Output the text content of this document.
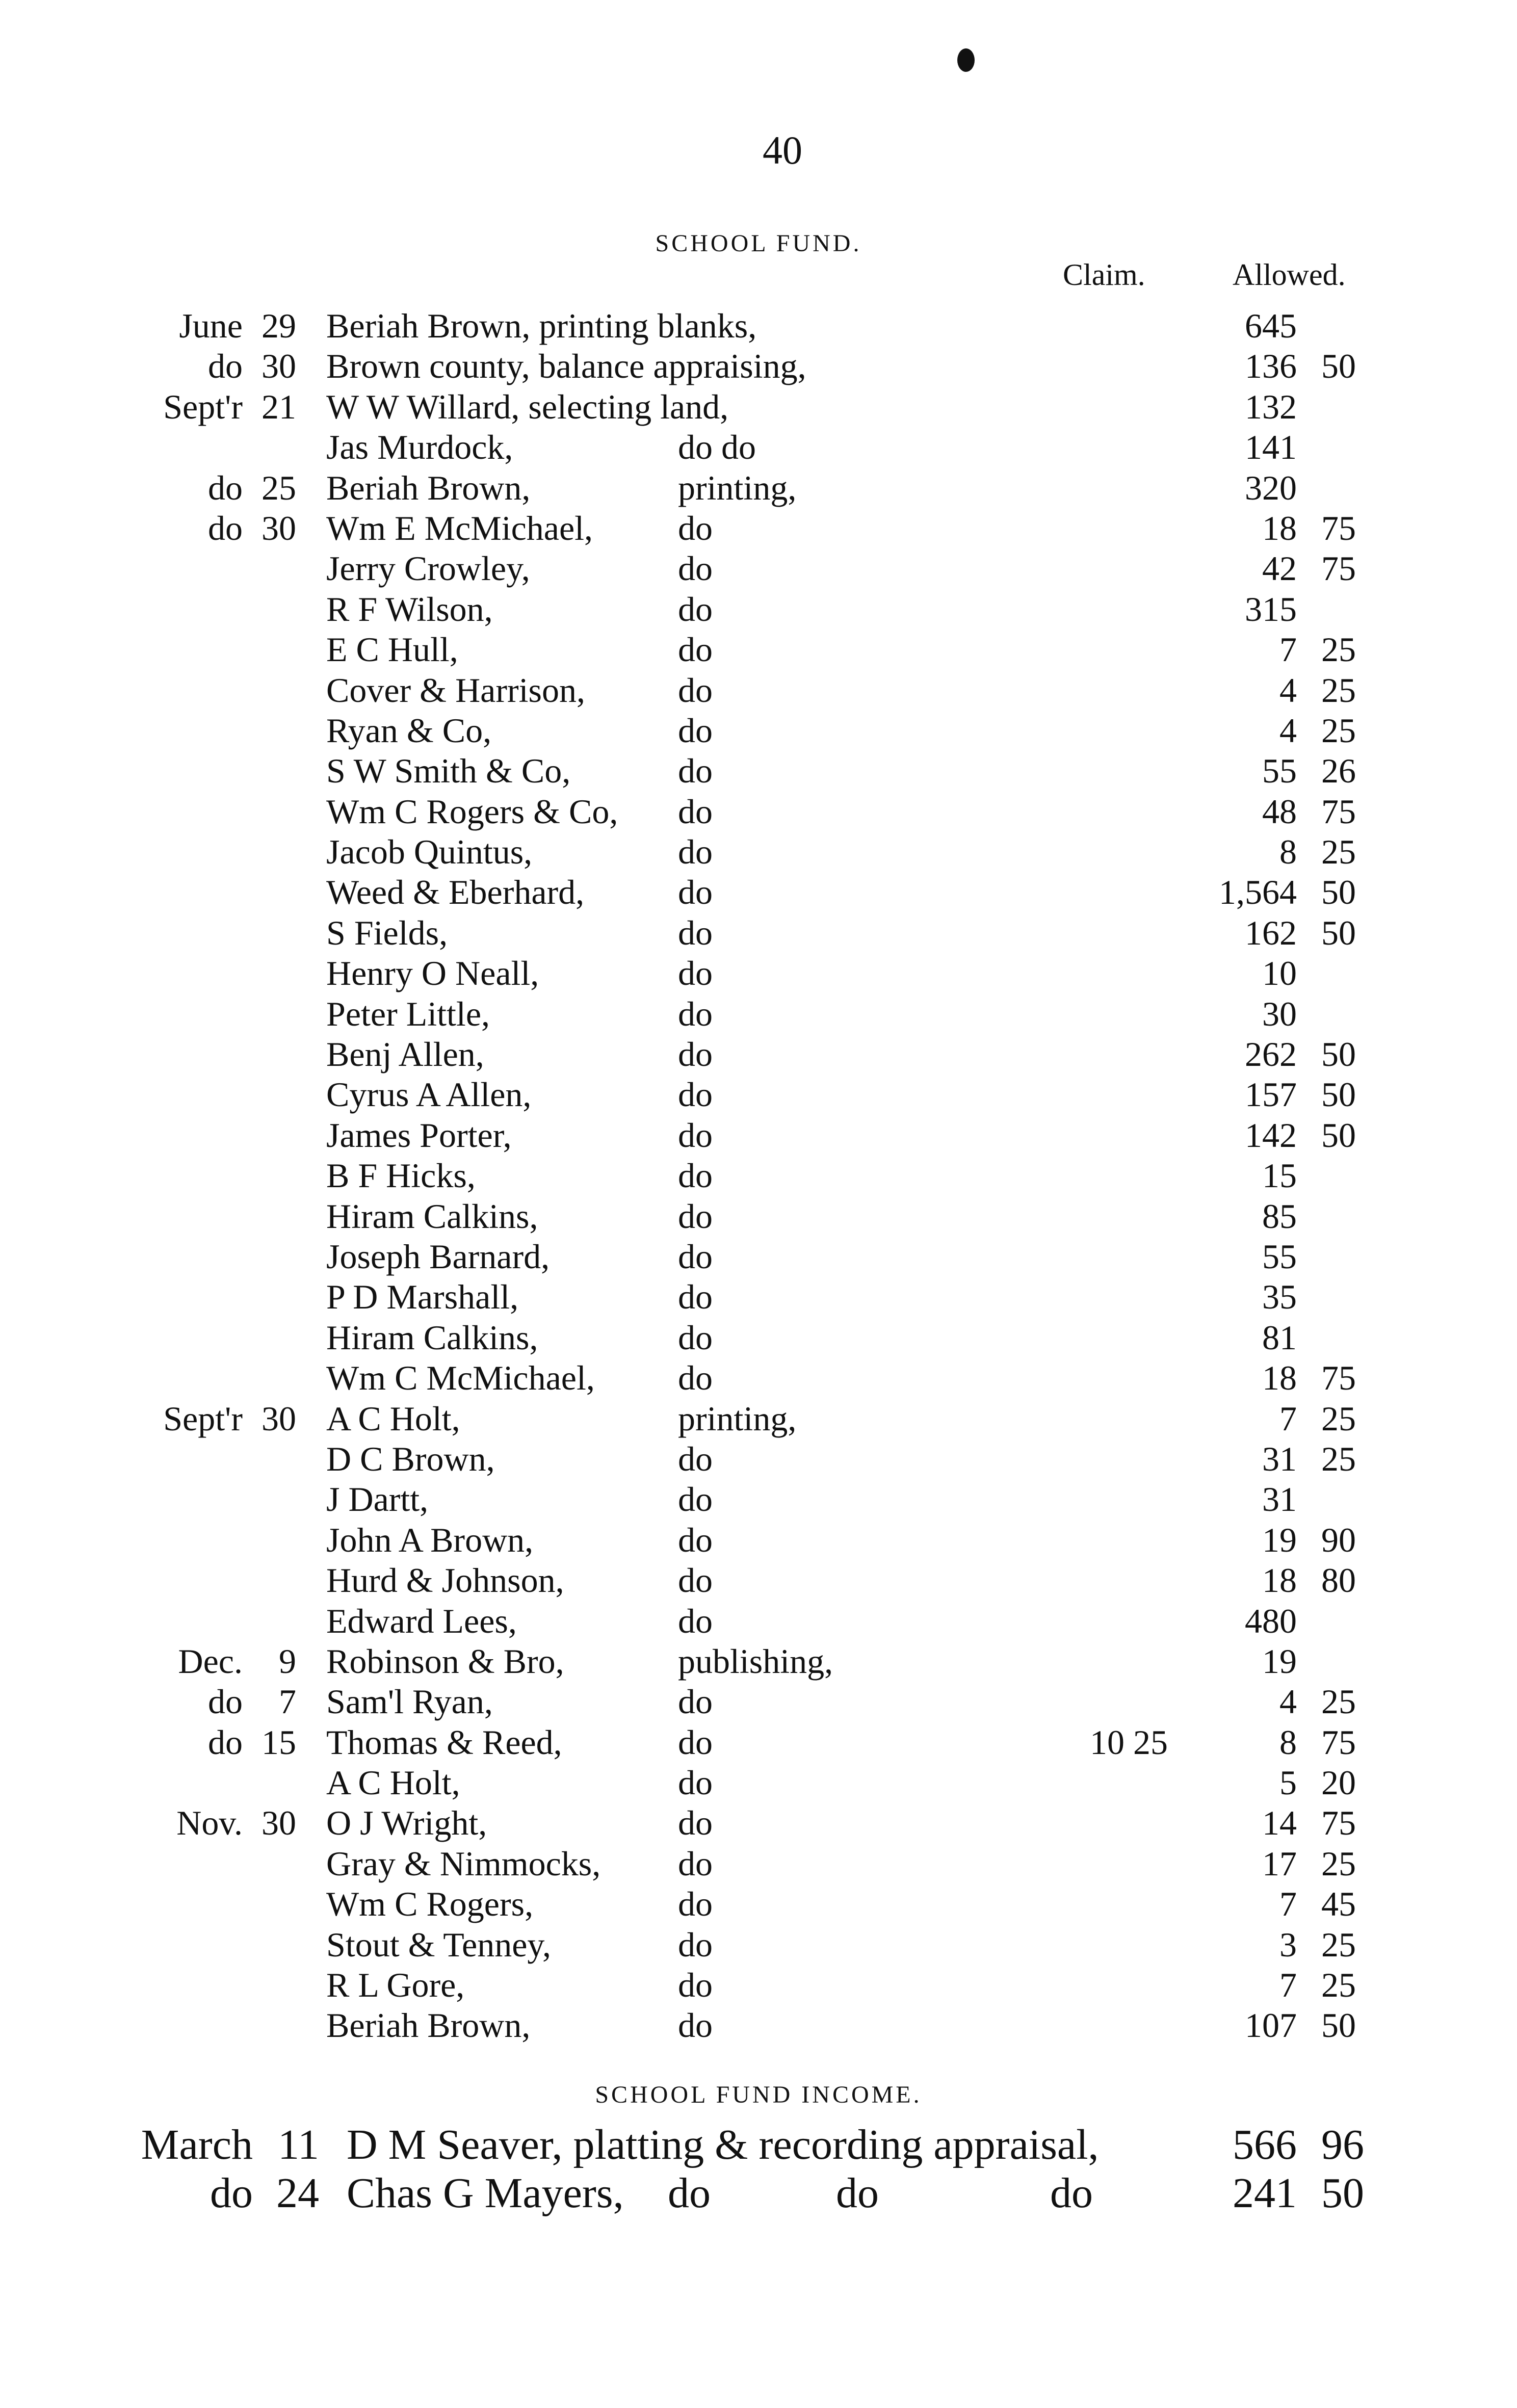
40
SCHOOL FUND.
Claim.	Allowed.
June 29 Beriah Brown, printing blanks,	645
do 30 Brown county, balance appraising,	136 50
Sept'r 21 W W Willard, selecting land,	132
Jas Murdock,	do do	141
do 25 Beriah Brown,	printing,	320
do 30 Wm E McMichael, do	18 75
Jerry Crowley,	do	42 75
R F Wilson,	do	315
E C Hull,	do	7 25
Cover & Harrison,	do	4 25
Ryan & Co,	do	4 25
S W Smith & Co,	do	55 26
Wm C Rogers & Co, do	48 75
Jacob Quintus,	do	8 25
Weed & Eberhard,	do	1,564 50
S Fields,	do	162 50
Henry O Neall,	do	10
Peter Little,	do	30
Benj Allen,	do	262 50
Cyrus A Allen,	do	157 50
James Porter,	do	142 50
B F Hicks,	do	15
Hiram Calkins,	do	85
Joseph Barnard,	do	55
P D Marshall,	do	35
Hiram Calkins,	do	81
Wm C McMichael, do	18 75
Sept'r 30 A C Holt,	printing,	7 25
D C Brown,	do	31 25
J Dartt,	do	31
John A Brown,	do	19 90
Hurd & Johnson,	do	18 80
Edward Lees,	do	480
Dec. 9 Robinson & Bro,	publishing,	19
do 7 Sam'l Ryan,	do	4 25
do 15 Thomas & Reed,	do	10 25	8 75
A C Holt,	do	5 20
Nov. 30 O J Wright,	do	14 75
Gray & Nimmocks, do	17 25
Wm C Rogers,	do	7 45
Stout & Tenney,	do	3 25
R L Gore,	do	7 25
Beriah Brown,	do	107 50
SCHOOL FUND INCOME.
March 11 D M Seaver, platting & recording appraisal,	566 96
do 24 Chas G Mayers, do	do	do	241 50
